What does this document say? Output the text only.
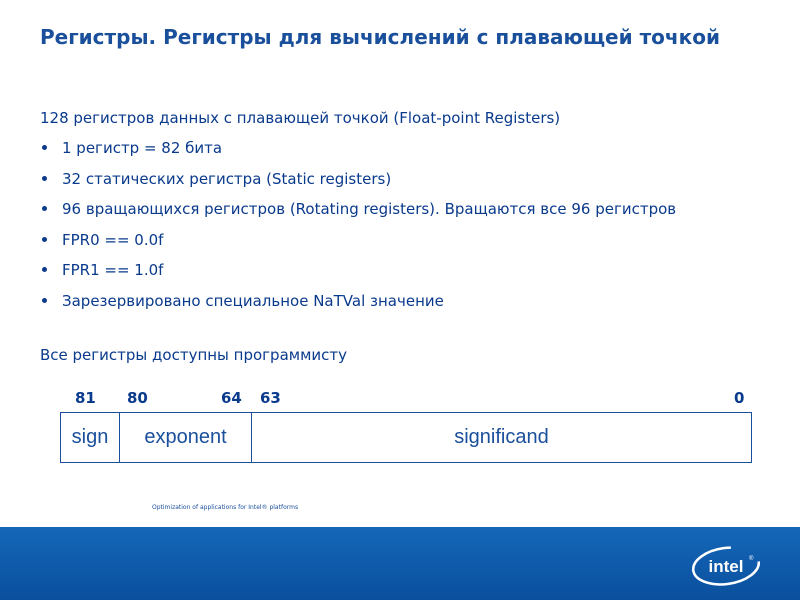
Регистры. Регистры для вычислений с плавающей точкой
128 регистров данных с плавающей точкой (Float-point Registers)
1 регистр = 82 бита
32 статических регистра (Static registers)
96 вращающихся регистров (Rotating registers). Вращаются все 96 регистров
FPR0 == 0.0f
FPR1 == 1.0f
Зарезервировано специальное NaTVal значение
Все регистры доступны программисту
81 80	64 63	0
sign	exponent	significand
Optimization of applications for Intel® platforms
intel ®
